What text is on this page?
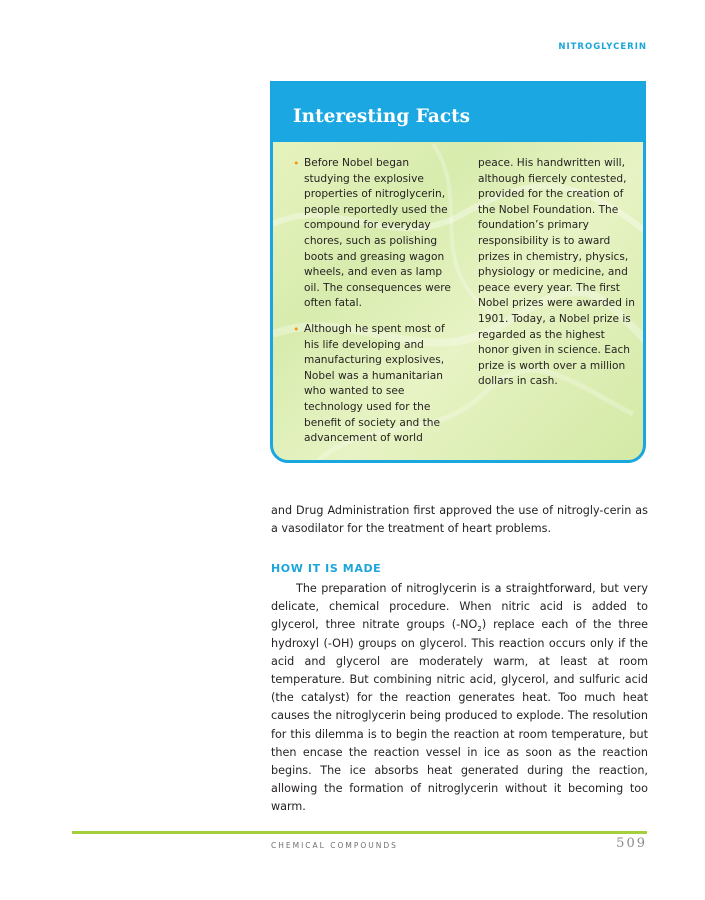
NITROGLYCERIN
Interesting Facts

• Before Nobel began studying the explosive properties of nitroglycerin, people reportedly used the compound for everyday chores, such as polishing boots and greasing wagon wheels, and even as lamp oil. The consequences were often fatal.

• Although he spent most of his life developing and manufacturing explosives, Nobel was a humanitarian who wanted to see technology used for the benefit of society and the advancement of world

peace. His handwritten will, although fiercely contested, provided for the creation of the Nobel Foundation. The foundation’s primary responsibility is to award prizes in chemistry, physics, physiology or medicine, and peace every year. The first Nobel prizes were awarded in 1901. Today, a Nobel prize is regarded as the highest honor given in science. Each prize is worth over a million dollars in cash.

and Drug Administration first approved the use of nitrogly-cerin as a vasodilator for the treatment of heart problems.

HOW IT IS MADE

The preparation of nitroglycerin is a straightforward, but very delicate, chemical procedure. When nitric acid is added to glycerol, three nitrate groups $(-NO_2)$ replace each of the three hydroxyl (-OH) groups on glycerol. This reaction occurs only if the acid and glycerol are moderately warm, at least at room temperature. But combining nitric acid, glycerol, and sulfuric acid (the catalyst) for the reaction generates heat. Too much heat causes the nitroglycerin being produced to explode. The resolution for this dilemma is to begin the reaction at room temperature, but then encase the reaction vessel in ice as soon as the reaction begins. The ice absorbs heat generated during the reaction, allowing the formation of nitroglycerin without it becoming too warm.

CHEMICAL COMPOUNDS	509
